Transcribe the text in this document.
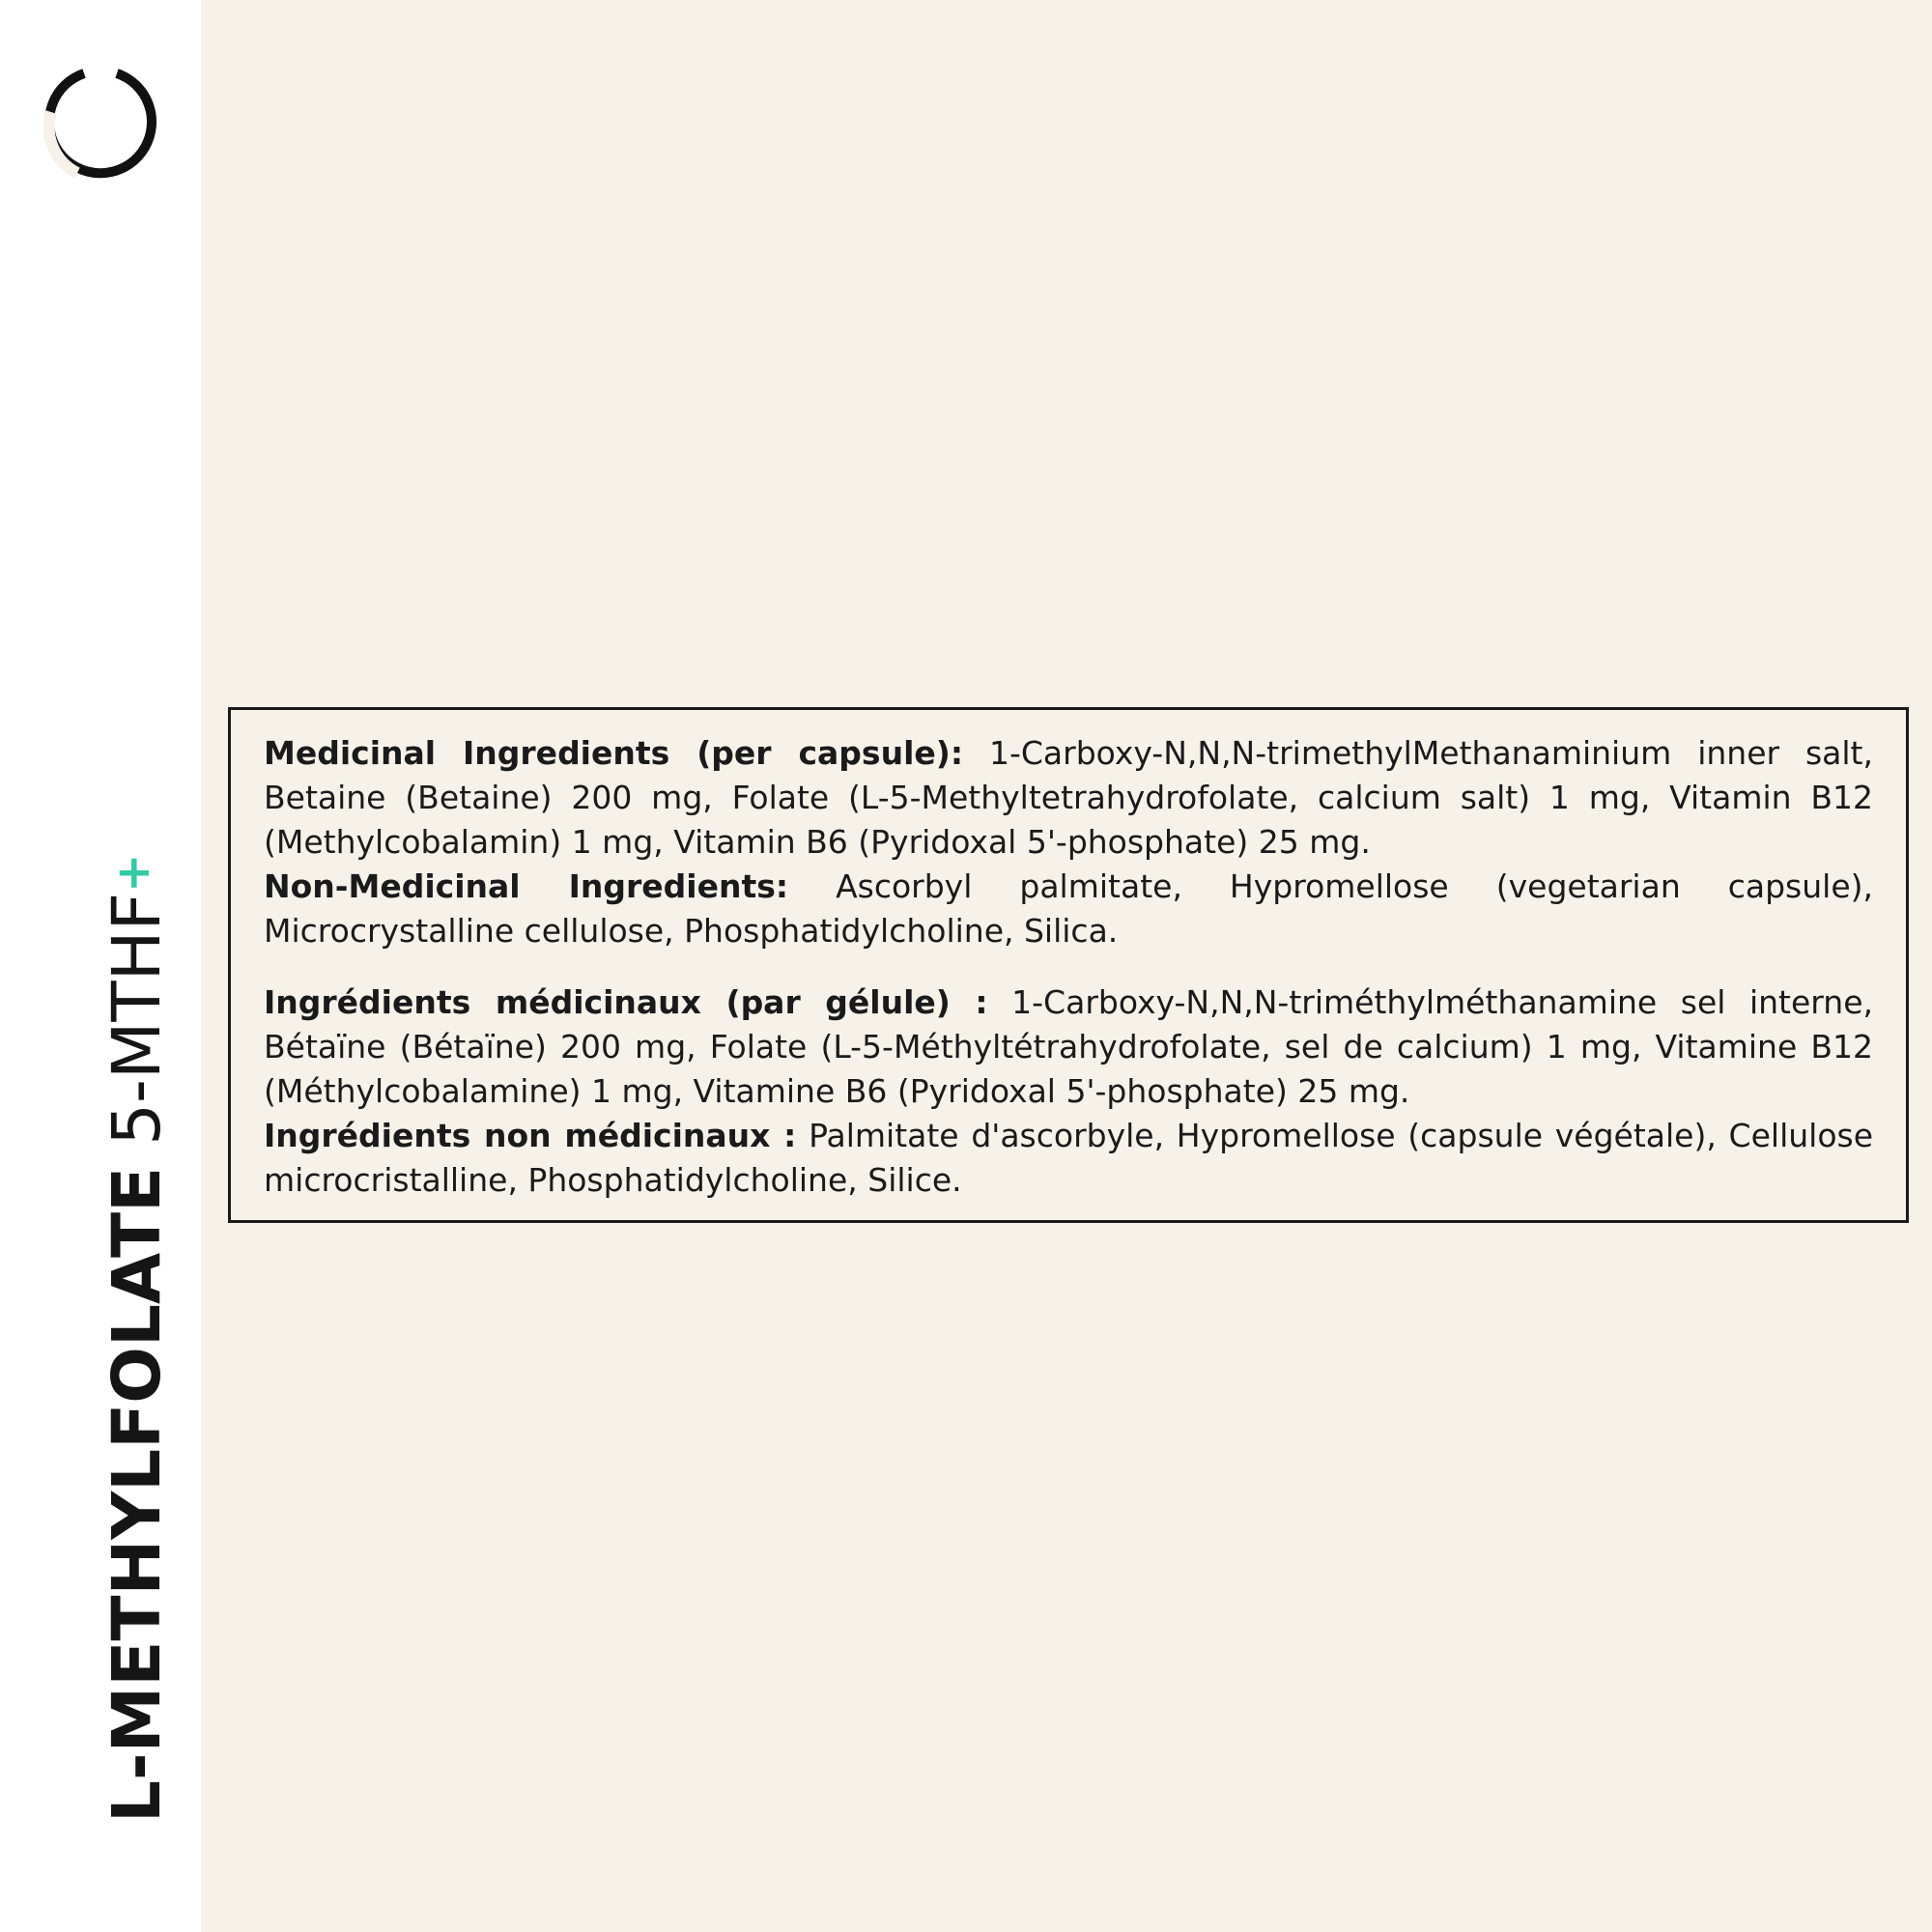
L-METHYLFOLATE 5-MTHF+

Medicinal Ingredients (per capsule): 1-Carboxy-N,N,N-trimethylMethanaminium inner salt, Betaine (Betaine) 200 mg, Folate (L-5-Methyltetrahydrofolate, calcium salt) 1 mg, Vitamin B12 (Methylcobalamin) 1 mg, Vitamin B6 (Pyridoxal 5'-phosphate) 25 mg.

Non-Medicinal Ingredients: Ascorbyl palmitate, Hypromellose (vegetarian capsule), Microcrystalline cellulose, Phosphatidylcholine, Silica.

Ingrédients médicinaux (par gélule) : 1-Carboxy-N,N,N-triméthylméthanamine sel interne, Bétaïne (Bétaïne) 200 mg, Folate (L-5-Méthyltétrahydrofolate, sel de calcium) 1 mg, Vitamine B12 (Méthylcobalamine) 1 mg, Vitamine B6 (Pyridoxal 5'-phosphate) 25 mg.

Ingrédients non médicinaux : Palmitate d'ascorbyle, Hypromellose (capsule végétale), Cellulose microcristalline, Phosphatidylcholine, Silice.
